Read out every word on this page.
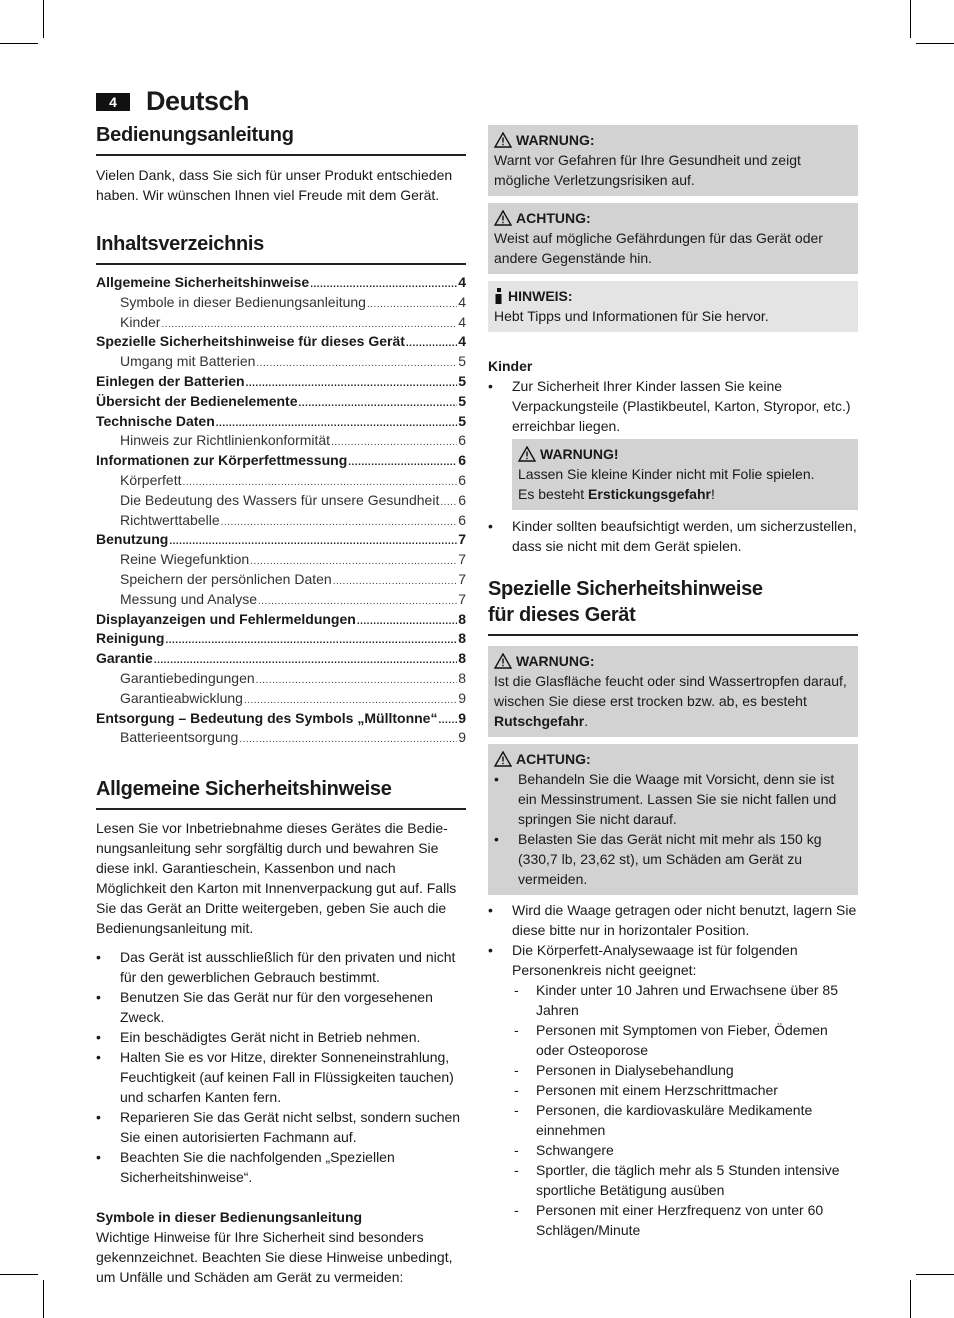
4	Deutsch
Bedienungsanleitung

Vielen Dank, dass Sie sich für unser Produkt entschieden haben. Wir wünschen Ihnen viel Freude mit dem Gerät.

Inhaltsverzeichnis
Allgemeine Sicherheitshinweise .....	4
Symbole in dieser Bedienungsanleitung .....	4
Kinder .....	4
Spezielle Sicherheitshinweise für dieses Gerät .....	4
Umgang mit Batterien .....	5
Einlegen der Batterien .....	5
Übersicht der Bedienelemente .....	5
Technische Daten .....	5
Hinweis zur Richtlinienkonformität .....	6
Informationen zur Körperfettmessung .....	6
Körperfett .....	6
Die Bedeutung des Wassers für unsere Gesundheit ..... 6
Richtwerttabelle .....	6
Benutzung .....	7
Reine Wiegefunktion .....	7
Speichern der persönlichen Daten .....	7
Messung und Analyse .....	7
Displayanzeigen und Fehlermeldungen .....	8
Reinigung .....	8
Garantie .....	8
Garantiebedingungen .....	8
Garantieabwicklung .....	9
Entsorgung – Bedeutung des Symbols „Mülltonne“ ..... 9
Batterieentsorgung .....	9
Allgemeine Sicherheitshinweise

Lesen Sie vor Inbetriebnahme dieses Gerätes die Bedienungsanleitung sehr sorgfältig durch und bewahren Sie diese inkl. Garantieschein, Kassenbon und nach Möglichkeit den Karton mit Innenverpackung gut auf. Falls Sie das Gerät an Dritte weitergeben, geben Sie auch die Bedienungsanleitung mit.

• Das Gerät ist ausschließlich für den privaten und nicht für den gewerblichen Gebrauch bestimmt.
• Benutzen Sie das Gerät nur für den vorgesehenen Zweck.
• Ein beschädigtes Gerät nicht in Betrieb nehmen.
• Halten Sie es vor Hitze, direkter Sonneneinstrahlung, Feuchtigkeit (auf keinen Fall in Flüssigkeiten tauchen) und scharfen Kanten fern.
• Reparieren Sie das Gerät nicht selbst, sondern suchen Sie einen autorisierten Fachmann auf.
• Beachten Sie die nachfolgenden „Speziellen Sicherheitshinweise“.

Symbole in dieser Bedienungsanleitung

Wichtige Hinweise für Ihre Sicherheit sind besonders gekennzeichnet. Beachten Sie diese Hinweise unbedingt, um Unfälle und Schäden am Gerät zu vermeiden:

WARNUNG:
Warnt vor Gefahren für Ihre Gesundheit und zeigt mögliche Verletzungsrisiken auf.
ACHTUNG:
Weist auf mögliche Gefährdungen für das Gerät oder andere Gegenstände hin.
HINWEIS:
Hebt Tipps und Informationen für Sie hervor.

Kinder

• Zur Sicherheit Ihrer Kinder lassen Sie keine Verpackungsteile (Plastikbeutel, Karton, Styropor, etc.) erreichbar liegen.
WARNUNG!
Lassen Sie kleine Kinder nicht mit Folie spielen.
Es besteht Erstickungsgefahr!
• Kinder sollten beaufsichtigt werden, um sicherzustellen, dass sie nicht mit dem Gerät spielen.
Spezielle Sicherheitshinweise
für dieses Gerät
WARNUNG:
Ist die Glasfläche feucht oder sind Wassertropfen darauf, wischen Sie diese erst trocken bzw. ab, es besteht Rutschgefahr.
ACHTUNG:
• Behandeln Sie die Waage mit Vorsicht, denn sie ist ein Messinstrument. Lassen Sie sie nicht fallen und springen Sie nicht darauf.
• Belasten Sie das Gerät nicht mit mehr als 150 kg (330,7 lb, 23,62 st), um Schäden am Gerät zu vermeiden.
• Wird die Waage getragen oder nicht benutzt, lagern Sie diese bitte nur in horizontaler Position.
• Die Körperfett-Analysewaage ist für folgenden Personenkreis nicht geeignet:
- Kinder unter 10 Jahren und Erwachsene über 85 Jahren
- Personen mit Symptomen von Fieber, Ödemen oder Osteoporose
- Personen in Dialysebehandlung
- Personen mit einem Herzschrittmacher
- Personen, die kardiovaskuläre Medikamente einnehmen
- Schwangere
- Sportler, die täglich mehr als 5 Stunden intensive sportliche Betätigung ausüben
- Personen mit einer Herzfrequenz von unter 60 Schlägen/Minute
